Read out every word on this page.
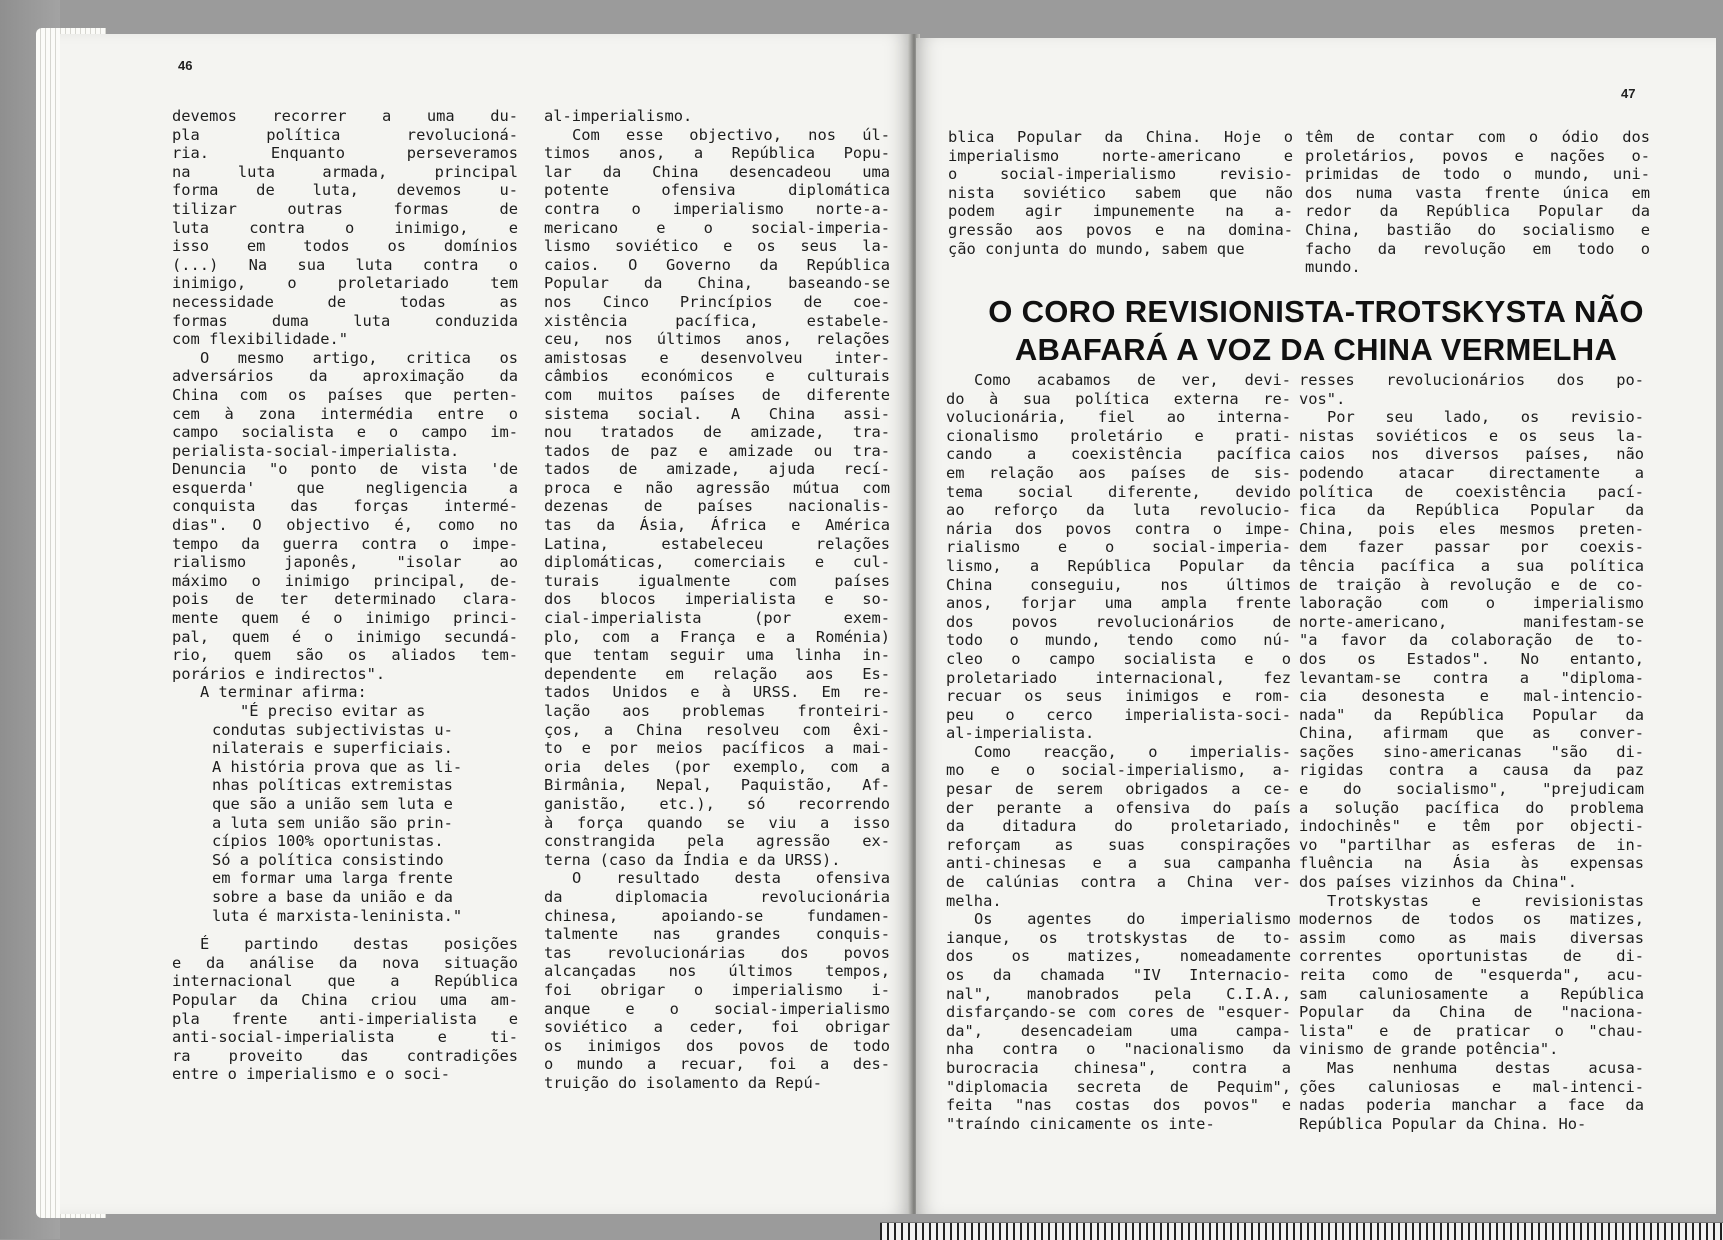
46
devemos recorrer a uma du-
pla política revolucioná-
ria. Enquanto perseveramos
na luta armada, principal
forma de luta, devemos u-
tilizar outras formas de
luta contra o inimigo, e
isso em todos os domínios
(...) Na sua luta contra o
inimigo, o proletariado tem
necessidade de todas as
formas duma luta conduzida
com flexibilidade."
O mesmo artigo, critica os
adversários da aproximação da
China com os países que perten-
cem à zona intermédia entre o
campo socialista e o campo im-
perialista-social-imperialista.
Denuncia "o ponto de vista 'de
esquerda' que negligencia a
conquista das forças intermé-
dias". O objectivo é, como no
tempo da guerra contra o impe-
rialismo japonês, "isolar ao
máximo o inimigo principal, de-
pois de ter determinado clara-
mente quem é o inimigo princi-
pal, quem é o inimigo secundá-
rio, quem são os aliados tem-
porários e indirectos".
A terminar afirma:
"É preciso evitar as
condutas subjectivistas u-
nilaterais e superficiais.
A história prova que as li-
nhas políticas extremistas
que são a união sem luta e
a luta sem união são prin-
cípios 100% oportunistas.
Só a política consistindo
em formar uma larga frente
sobre a base da união e da
luta é marxista-leninista."
É partindo destas posições
e da análise da nova situação
internacional que a República
Popular da China criou uma am-
pla frente anti-imperialista e
anti-social-imperialista e ti-
ra proveito das contradições
entre o imperialismo e o soci-
al-imperialismo.
Com esse objectivo, nos úl-
timos anos, a República Popu-
lar da China desencadeou uma
potente ofensiva diplomática
contra o imperialismo norte-a-
mericano e o social-imperia-
lismo soviético e os seus la-
caios. O Governo da República
Popular da China, baseando-se
nos Cinco Princípios de coe-
xistência pacífica, estabele-
ceu, nos últimos anos, relações
amistosas e desenvolveu inter-
câmbios económicos e culturais
com muitos países de diferente
sistema social. A China assi-
nou tratados de amizade, tra-
tados de paz e amizade ou tra-
tados de amizade, ajuda recí-
proca e não agressão mútua com
dezenas de países nacionalis-
tas da Ásia, África e América
Latina, estabeleceu relações
diplomáticas, comerciais e cul-
turais igualmente com países
dos blocos imperialista e so-
cial-imperialista (por exem-
plo, com a França e a Roménia)
que tentam seguir uma linha in-
dependente em relação aos Es-
tados Unidos e à URSS. Em re-
lação aos problemas fronteiri-
ços, a China resolveu com êxi-
to e por meios pacíficos a mai-
oria deles (por exemplo, com a
Birmânia, Nepal, Paquistão, Af-
ganistão, etc.), só recorrendo
à força quando se viu a isso
constrangida pela agressão ex-
terna (caso da Índia e da URSS).
O resultado desta ofensiva
da diplomacia revolucionária
chinesa, apoiando-se fundamen-
talmente nas grandes conquis-
tas revolucionárias dos povos
alcançadas nos últimos tempos,
foi obrigar o imperialismo i-
anque e o social-imperialismo
soviético a ceder, foi obrigar
os inimigos dos povos de todo
o mundo a recuar, foi a des-
truição do isolamento da Repú-
47
blica Popular da China. Hoje o
imperialismo norte-americano e
o social-imperialismo revisio-
nista soviético sabem que não
podem agir impunemente na a-
gressão aos povos e na domina-
ção conjunta do mundo, sabem que
têm de contar com o ódio dos
proletários, povos e nações o-
primidas de todo o mundo, uni-
dos numa vasta frente única em
redor da República Popular da
China, bastião do socialismo e
facho da revolução em todo o
mundo.
O CORO REVISIONISTA-TROTSKYSTA NÃO ABAFARÁ A VOZ DA CHINA VERMELHA
Como acabamos de ver, devi-
do à sua política externa re-
volucionária, fiel ao interna-
cionalismo proletário e prati-
cando a coexistência pacífica
em relação aos países de sis-
tema social diferente, devido
ao reforço da luta revolucio-
nária dos povos contra o impe-
rialismo e o social-imperia-
lismo, a República Popular da
China conseguiu, nos últimos
anos, forjar uma ampla frente
dos povos revolucionários de
todo o mundo, tendo como nú-
cleo o campo socialista e o
proletariado internacional, fez
recuar os seus inimigos e rom-
peu o cerco imperialista-soci-
al-imperialista.
Como reacção, o imperialis-
mo e o social-imperialismo, a-
pesar de serem obrigados a ce-
der perante a ofensiva do país
da ditadura do proletariado,
reforçam as suas conspirações
anti-chinesas e a sua campanha
de calúnias contra a China ver-
melha.
Os agentes do imperialismo
ianque, os trotskystas de to-
dos os matizes, nomeadamente
os da chamada "IV Internacio-
nal", manobrados pela C.I.A.,
disfarçando-se com cores de "esquer-
da", desencadeiam uma campa-
nha contra o "nacionalismo da
burocracia chinesa", contra a
"diplomacia secreta de Pequim",
feita "nas costas dos povos" e
"traíndo cinicamente os inte-
resses revolucionários dos po-
vos".
Por seu lado, os revisio-
nistas soviéticos e os seus la-
caios nos diversos países, não
podendo atacar directamente a
política de coexistência pací-
fica da República Popular da
China, pois eles mesmos preten-
dem fazer passar por coexis-
tência pacífica a sua política
de traição à revolução e de co-
laboração com o imperialismo
norte-americano, manifestam-se
"a favor da colaboração de to-
dos os Estados". No entanto,
levantam-se contra a "diploma-
cia desonesta e mal-intencio-
nada" da República Popular da
China, afirmam que as conver-
sações sino-americanas "são di-
rigidas contra a causa da paz
e do socialismo", "prejudicam
a solução pacífica do problema
indochinês" e têm por objecti-
vo "partilhar as esferas de in-
fluência na Ásia às expensas
dos países vizinhos da China".
Trotskystas e revisionistas
modernos de todos os matizes,
assim como as mais diversas
correntes oportunistas de di-
reita como de "esquerda", acu-
sam caluniosamente a República
Popular da China de "naciona-
lista" e de praticar o "chau-
vinismo de grande potência".
Mas nenhuma destas acusa-
ções caluniosas e mal-intenci-
nadas poderia manchar a face da
República Popular da China. Ho-
